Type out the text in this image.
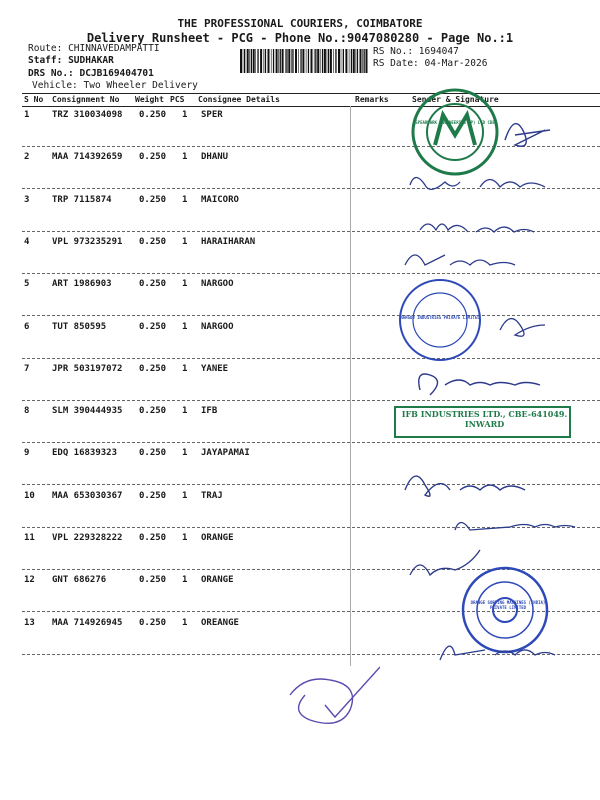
THE PROFESSIONAL COURIERS, COIMBATORE
Delivery Runsheet - PCG - Phone No.:9047080280 - Page No.:1
Route: CHINNAVEDAMPATTI
Staff: SUDHAKAR
DRS No.: DCJB169404701
Vehicle: Two Wheeler Delivery
RS No.: 1694047
RS Date: 04-Mar-2026
S No Consignment No Weight PCS Consignee Details	Remarks	Sender & Signature
1	TRZ 310034098 0.250 1 SPER
2	MAA 714392659 0.250 1 DHANU
3	TRP 7115874	0.250 1 MAICORO
4	VPL 973235291 0.250 1 HARAIHARAN
5	ART 1986903	0.250 1 NARGOO
6	TUT 850595	0.250 1 NARGOO
7	JPR 503197072 0.250 1 YANEE
8	SLM 390444935 0.250 1 IFB
9	EDQ 16839323 0.250 1 JAYAPAMAI
10 MAA 653030367 0.250 1 TRAJ
11 VPL 229328222 0.250 1 ORANGE
12 GNT 686276	0.250 1 ORANGE
13 MAA 714926945 0.250 1 OREANGE
SPEARMARK ENGINEERING (P) LTD CBE
NARGOO INDUSTRIES PRIVATE LIMITED
IFB INDUSTRIES LTD., CBE-641049.
INWARD
ORANGE SORTING MACHINES (INDIA) PRIVATE LIMITED
